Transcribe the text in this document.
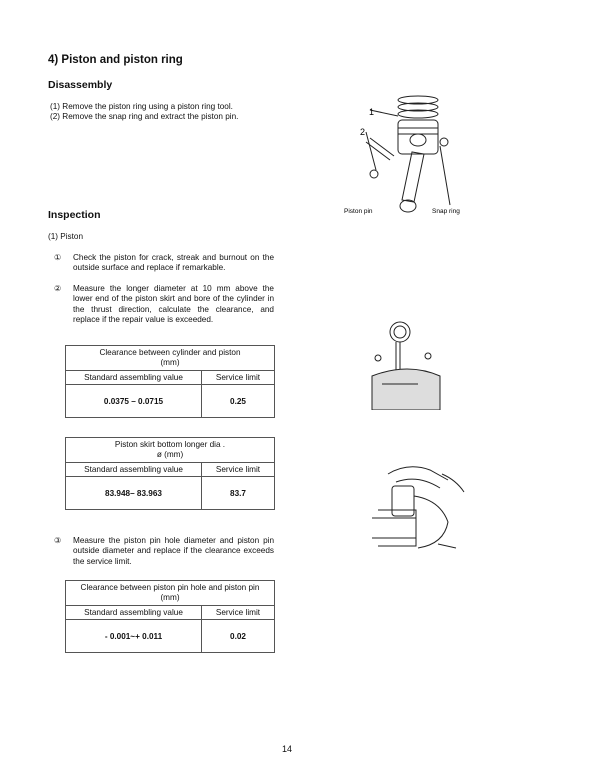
4) Piston and piston ring
Disassembly
(1) Remove the piston ring using a piston ring tool.
(2) Remove the snap ring and extract the piston pin.	1
2
Piston pin	Snap ring
Inspection
(1) Piston
① Check the piston for crack, streak and burnout on the outside surface and replace if remarkable.
② Measure the longer diameter at 10 mm above the lower end of the piston skirt and bore of the cylinder in the thrust direction, calculate the clearance, and replace if the repair value is exceeded.
Clearance between cylinder and piston
(mm)	

Standard assembling value	Service limit
0.0375 – 0.0715	0.25
Piston skirt bottom longer dia .
ø (mm)	

Standard assembling value	Service limit
83.948– 83.963	83.7
③ Measure the piston pin hole diameter and piston pin outside diameter and replace if the clearance exceeds the service limit.
Clearance between piston pin hole and piston pin
(mm)	

Standard assembling value	Service limit
- 0.001~+ 0.011	0.02
14
